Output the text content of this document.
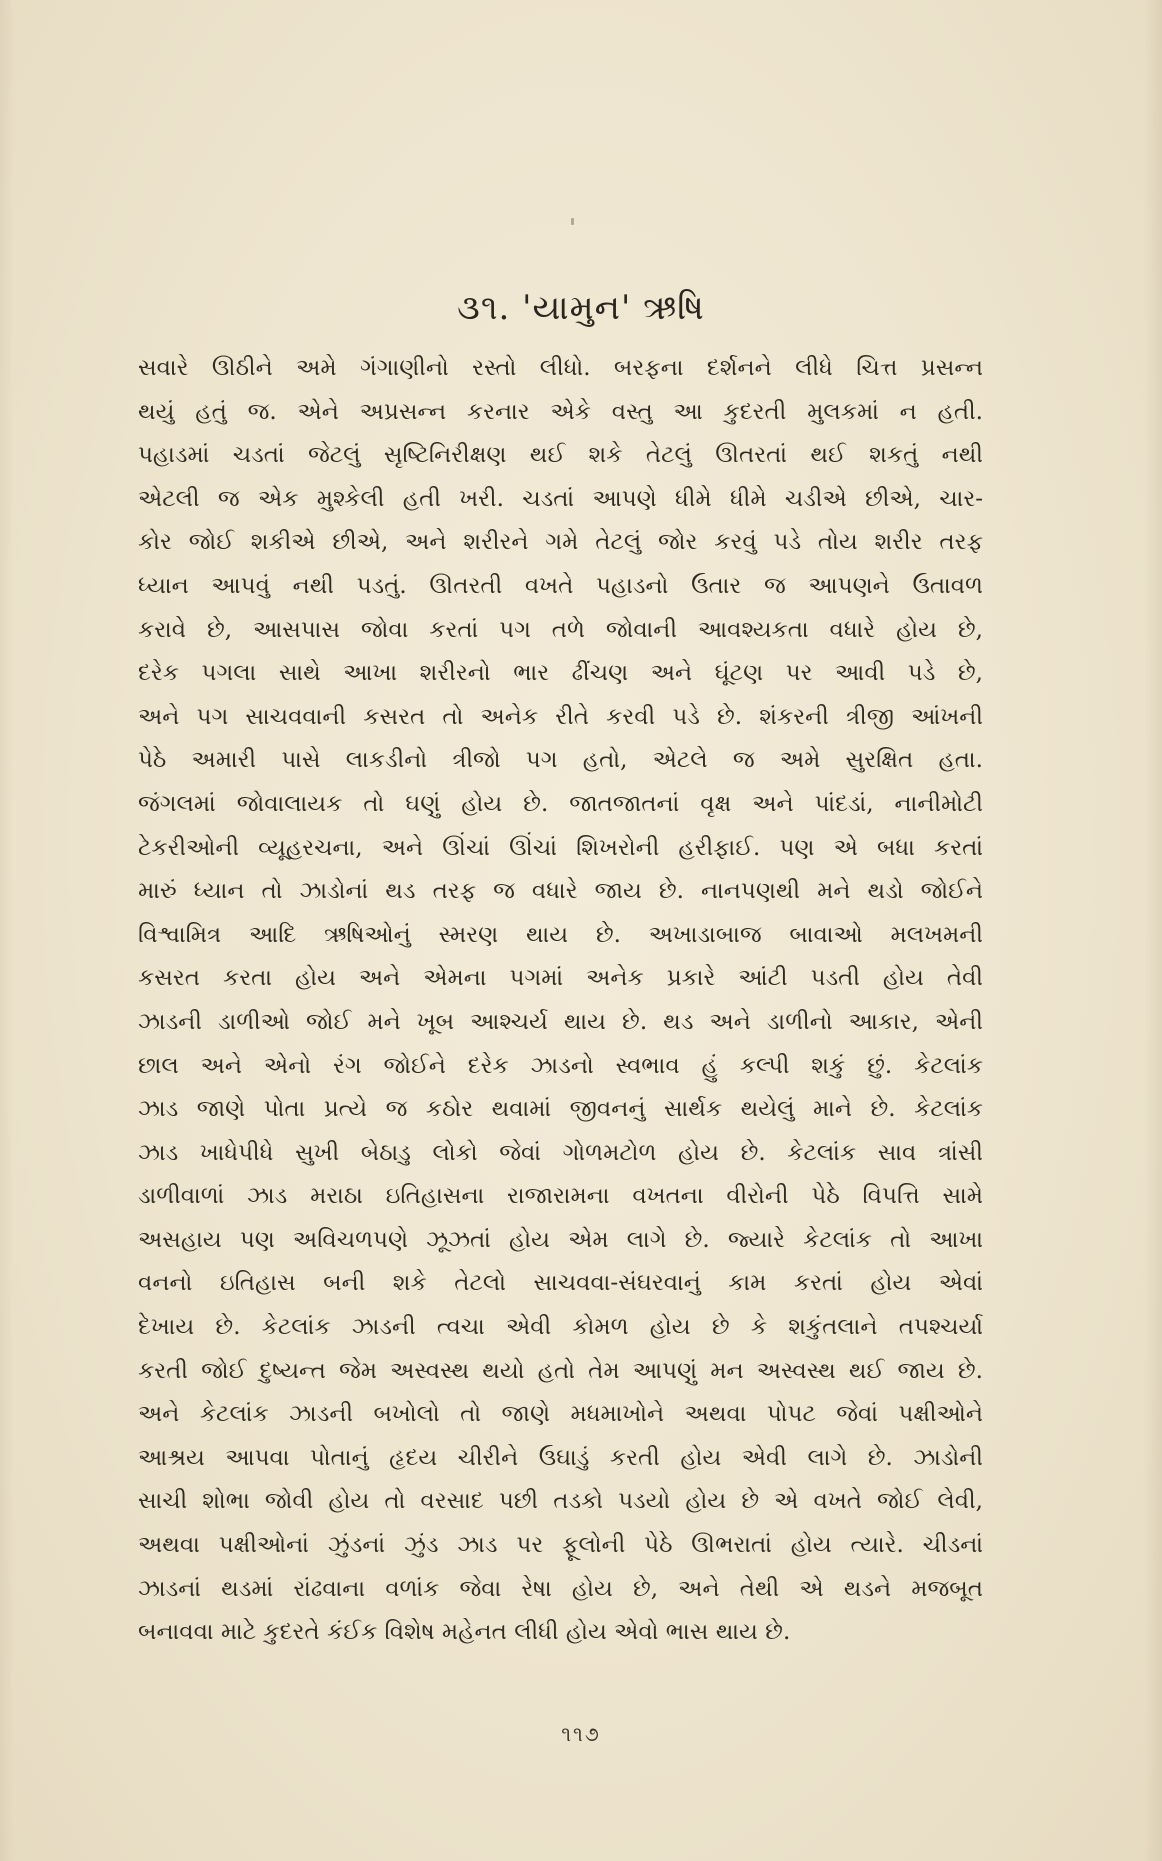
૩૧. 'યામુન' ઋષિ
સવારે ઊઠીને અમે ગંગાણીનો રસ્તો લીધો. બરફના દર્શનને લીધે ચિત્ત પ્રસન્ન
થયું હતું જ. એને અપ્રસન્ન કરનાર એકે વસ્તુ આ કુદરતી મુલકમાં ન હતી.
પહાડમાં ચડતાં જેટલું સૃષ્ટિનિરીક્ષણ થઈ શકે તેટલું ઊતરતાં થઈ શકતું નથી
એટલી જ એક મુશ્કેલી હતી ખરી. ચડતાં આપણે ધીમે ધીમે ચડીએ છીએ, ચાર-
કોર જોઈ શકીએ છીએ, અને શરીરને ગમે તેટલું જોર કરવું પડે તોય શરીર તરફ
ધ્યાન આપવું નથી પડતું. ઊતરતી વખતે પહાડનો ઉતાર જ આપણને ઉતાવળ
કરાવે છે, આસપાસ જોવા કરતાં પગ તળે જોવાની આવશ્યકતા વધારે હોય છે,
દરેક પગલા સાથે આખા શરીરનો ભાર ઢીંચણ અને ઘૂંટણ પર આવી પડે છે,
અને પગ સાચવવાની કસરત તો અનેક રીતે કરવી પડે છે. શંકરની ત્રીજી આંખની
પેઠે અમારી પાસે લાકડીનો ત્રીજો પગ હતો, એટલે જ અમે સુરક્ષિત હતા.
જંગલમાં જોવાલાયક તો ઘણું હોય છે. જાતજાતનાં વૃક્ષ અને પાંદડાં, નાનીમોટી
ટેકરીઓની વ્યૂહરચના, અને ઊંચાં ઊંચાં શિખરોની હરીફાઈ. પણ એ બધા કરતાં
મારું ધ્યાન તો ઝાડોનાં થડ તરફ જ વધારે જાય છે. નાનપણથી મને થડો જોઈને
વિશ્વામિત્ર આદિ ઋષિઓનું સ્મરણ થાય છે. અખાડાબાજ બાવાઓ મલખમની
કસરત કરતા હોય અને એમના પગમાં અનેક પ્રકારે આંટી પડતી હોય તેવી
ઝાડની ડાળીઓ જોઈ મને ખૂબ આશ્ચર્ય થાય છે. થડ અને ડાળીનો આકાર, એની
છાલ અને એનો રંગ જોઈને દરેક ઝાડનો સ્વભાવ હું કલ્પી શકું છું. કેટલાંક
ઝાડ જાણે પોતા પ્રત્યે જ કઠોર થવામાં જીવનનું સાર્થક થયેલું માને છે. કેટલાંક
ઝાડ ખાધેપીધે સુખી બેઠાડુ લોકો જેવાં ગોળમટોળ હોય છે. કેટલાંક સાવ ત્રાંસી
ડાળીવાળાં ઝાડ મરાઠા ઇતિહાસના રાજારામના વખતના વીરોની પેઠે વિપત્તિ સામે
અસહાય પણ અવિચળપણે ઝૂઝતાં હોય એમ લાગે છે. જ્યારે કેટલાંક તો આખા
વનનો ઇતિહાસ બની શકે તેટલો સાચવવા-સંઘરવાનું કામ કરતાં હોય એવાં
દેખાય છે. કેટલાંક ઝાડની ત્વચા એવી કોમળ હોય છે કે શકુંતલાને તપશ્ચર્યા
કરતી જોઈ દુષ્યન્ત જેમ અસ્વસ્થ થયો હતો તેમ આપણું મન અસ્વસ્થ થઈ જાય છે.
અને કેટલાંક ઝાડની બખોલો તો જાણે મધમાખોને અથવા પોપટ જેવાં પક્ષીઓને
આશ્રય આપવા પોતાનું હૃદય ચીરીને ઉઘાડું કરતી હોય એવી લાગે છે. ઝાડોની
સાચી શોભા જોવી હોય તો વરસાદ પછી તડકો પડયો હોય છે એ વખતે જોઈ લેવી,
અથવા પક્ષીઓનાં ઝુંડનાં ઝુંડ ઝાડ પર ફૂલોની પેઠે ઊભરાતાં હોય ત્યારે. ચીડનાં
ઝાડનાં થડમાં રાંઢવાના વળાંક જેવા રેષા હોય છે, અને તેથી એ થડને મજબૂત
બનાવવા માટે કુદરતે કંઈક વિશેષ મહેનત લીધી હોય એવો ભાસ થાય છે.
૧૧૭
